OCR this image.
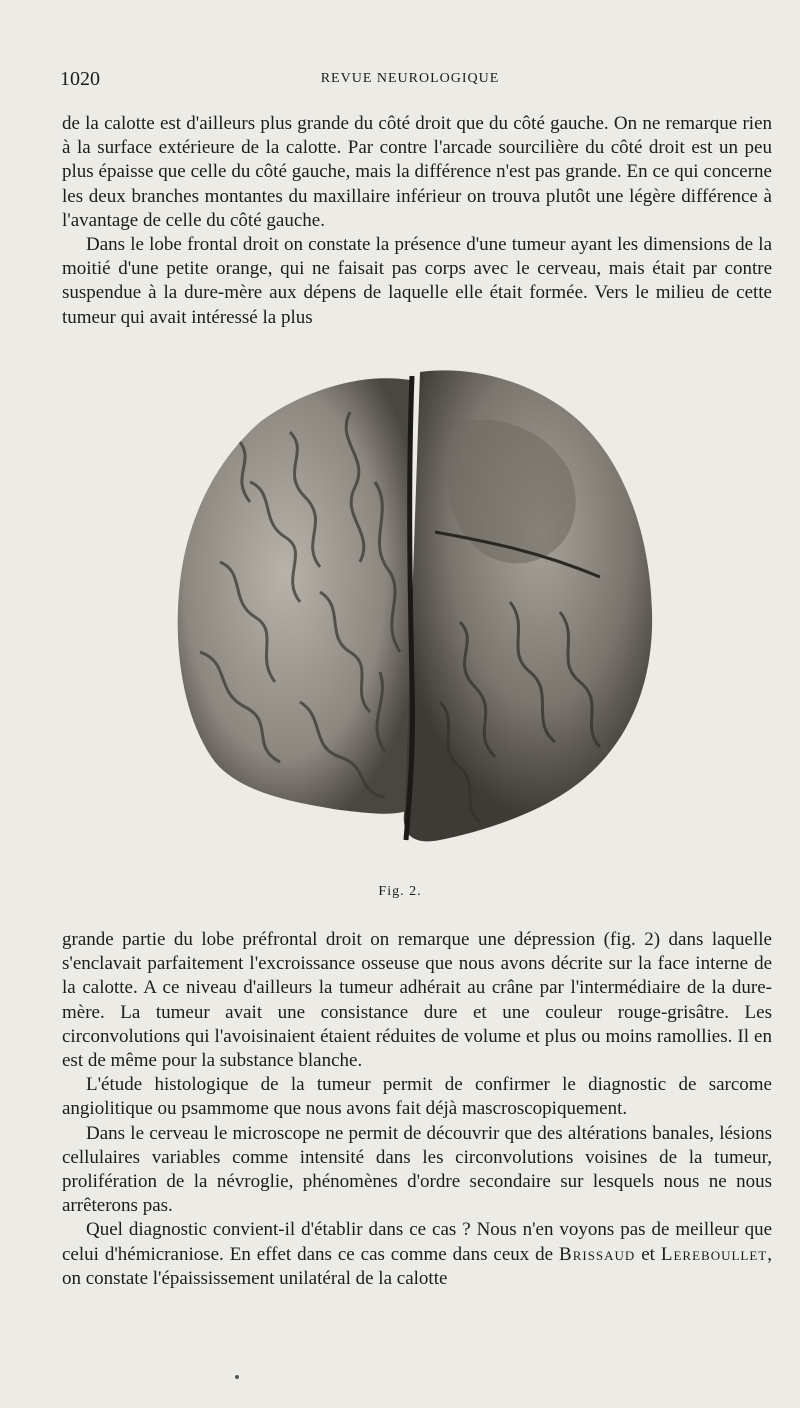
1020	REVUE NEUROLOGIQUE

de la calotte est d'ailleurs plus grande du côté droit que du côté gauche. On ne remarque rien à la surface extérieure de la calotte. Par contre l'arcade sourcilière du côté droit est un peu plus épaisse que celle du côté gauche, mais la différence n'est pas grande. En ce qui concerne les deux branches montantes du maxillaire inférieur on trouva plutôt une légère différence à l'avantage de celle du côté gauche.

Dans le lobe frontal droit on constate la présence d'une tumeur ayant les dimensions de la moitié d'une petite orange, qui ne faisait pas corps avec le cerveau, mais était par contre suspendue à la dure-mère aux dépens de laquelle elle était formée. Vers le milieu de cette tumeur qui avait intéressé la plus

Fig. 2.

grande partie du lobe préfrontal droit on remarque une dépression (fig. 2) dans laquelle s'enclavait parfaitement l'excroissance osseuse que nous avons décrite sur la face interne de la calotte. A ce niveau d'ailleurs la tumeur adhérait au crâne par l'intermédiaire de la dure-mère. La tumeur avait une consistance dure et une couleur rouge-grisâtre. Les circonvolutions qui l'avoisinaient étaient réduites de volume et plus ou moins ramollies. Il en est de même pour la substance blanche.

L'étude histologique de la tumeur permit de confirmer le diagnostic de sarcome angiolitique ou psammome que nous avons fait déjà mascroscopiquement.

Dans le cerveau le microscope ne permit de découvrir que des altérations banales, lésions cellulaires variables comme intensité dans les circonvolutions voisines de la tumeur, prolifération de la névroglie, phénomènes d'ordre secondaire sur lesquels nous ne nous arrêterons pas.

Quel diagnostic convient-il d'établir dans ce cas ? Nous n'en voyons pas de meilleur que celui d'hémicraniose. En effet dans ce cas comme dans ceux de Brissaud et Lereboullet, on constate l'épaississement unilatéral de la calotte
